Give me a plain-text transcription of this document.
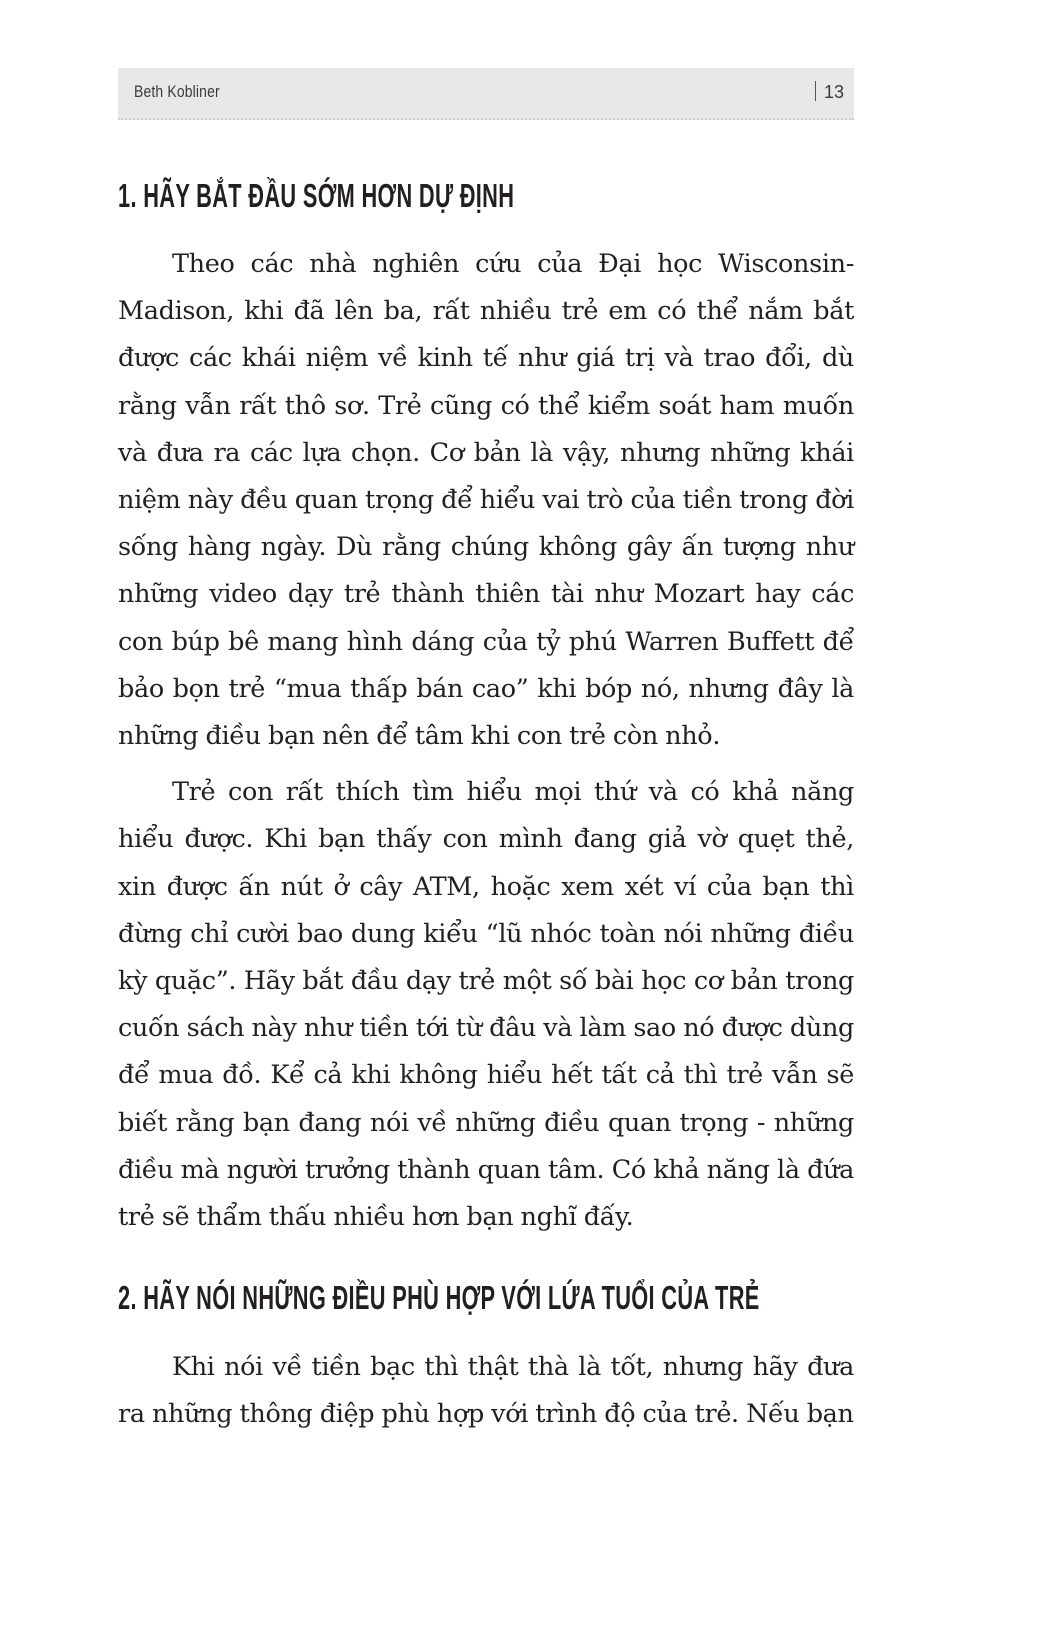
Beth Kobliner	13
1. HÃY BẮT ĐẦU SỚM HƠN DỰ ĐỊNH

Theo các nhà nghiên cứu của Đại học Wisconsin-Madison, khi đã lên ba, rất nhiều trẻ em có thể nắm bắt được các khái niệm về kinh tế như giá trị và trao đổi, dù rằng vẫn rất thô sơ. Trẻ cũng có thể kiểm soát ham muốn và đưa ra các lựa chọn. Cơ bản là vậy, nhưng những khái niệm này đều quan trọng để hiểu vai trò của tiền trong đời sống hàng ngày. Dù rằng chúng không gây ấn tượng như những video dạy trẻ thành thiên tài như Mozart hay các con búp bê mang hình dáng của tỷ phú Warren Buffett để bảo bọn trẻ “mua thấp bán cao” khi bóp nó, nhưng đây là những điều bạn nên để tâm khi con trẻ còn nhỏ.

Trẻ con rất thích tìm hiểu mọi thứ và có khả năng hiểu được. Khi bạn thấy con mình đang giả vờ quẹt thẻ, xin được ấn nút ở cây ATM, hoặc xem xét ví của bạn thì đừng chỉ cười bao dung kiểu “lũ nhóc toàn nói những điều kỳ quặc”. Hãy bắt đầu dạy trẻ một số bài học cơ bản trong cuốn sách này như tiền tới từ đâu và làm sao nó được dùng để mua đồ. Kể cả khi không hiểu hết tất cả thì trẻ vẫn sẽ biết rằng bạn đang nói về những điều quan trọng - những điều mà người trưởng thành quan tâm. Có khả năng là đứa trẻ sẽ thẩm thấu nhiều hơn bạn nghĩ đấy.

2. HÃY NÓI NHỮNG ĐIỀU PHÙ HỢP VỚI LỨA TUỔI CỦA TRẺ

Khi nói về tiền bạc thì thật thà là tốt, nhưng hãy đưa ra những thông điệp phù hợp với trình độ của trẻ. Nếu bạn
